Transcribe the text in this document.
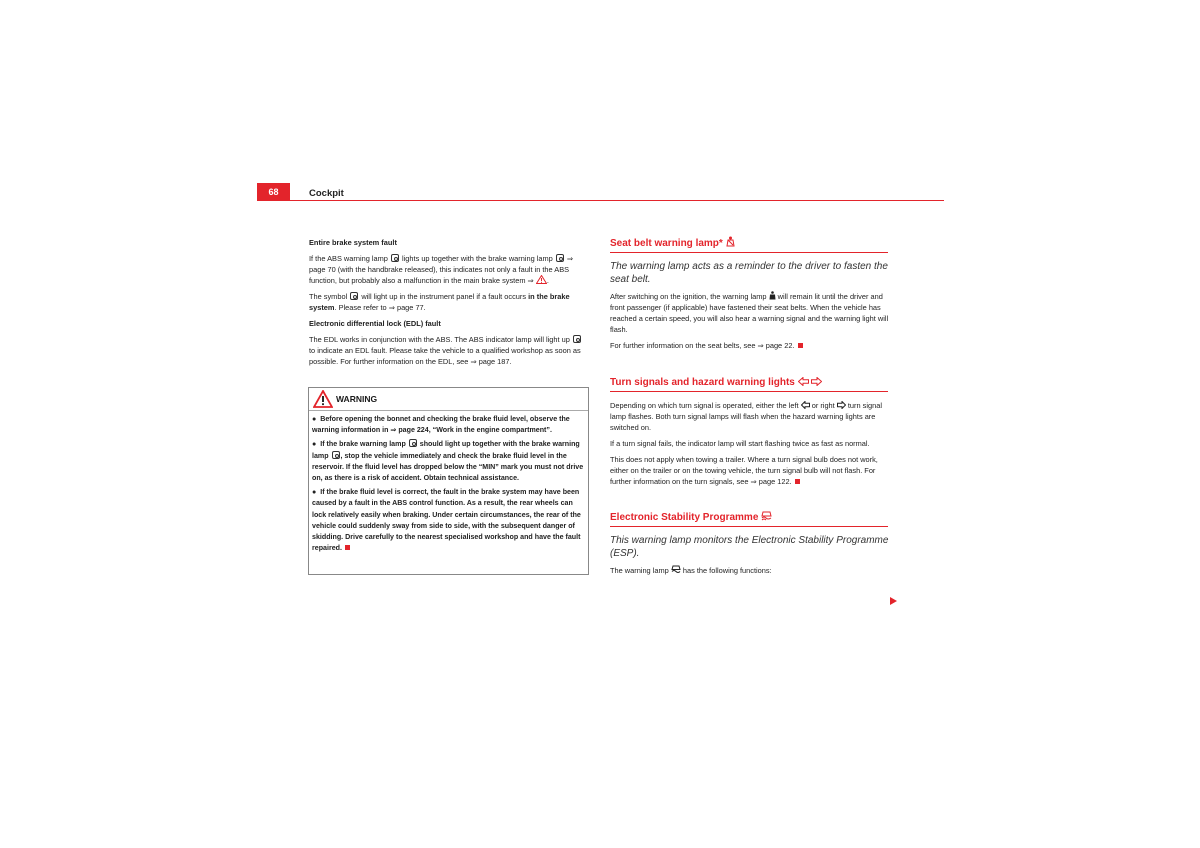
68	Cockpit

Entire brake system fault

If the ABS warning lamp lights up together with the brake warning lamp ⇒ page 70 (with the handbrake released), this indicates not only a fault in the ABS function, but probably also a malfunction in the main brake system ⇒ .

The symbol will light up in the instrument panel if a fault occurs in the brake system. Please refer to ⇒ page 77.

Electronic differential lock (EDL) fault

The EDL works in conjunction with the ABS. The ABS indicator lamp will light up  to indicate an EDL fault. Please take the vehicle to a qualified workshop as soon as possible. For further information on the EDL, see ⇒ page 187.

WARNING

●  Before opening the bonnet and checking the brake fluid level, observe the warning information in ⇒ page 224, “Work in the engine compartment”.

●  If the brake warning lamp should light up together with the brake warning lamp , stop the vehicle immediately and check the brake fluid level in the reservoir. If the fluid level has dropped below the “MIN” mark you must not drive on, as there is a risk of accident. Obtain technical assistance.

●  If the brake fluid level is correct, the fault in the brake system may have been caused by a fault in the ABS control function. As a result, the rear wheels can lock relatively easily when braking. Under certain circumstances, the rear of the vehicle could suddenly sway from side to side, with the subsequent danger of skidding. Drive carefully to the nearest specialised workshop and have the fault repaired.

Seat belt warning lamp*

The warning lamp acts as a reminder to the driver to fasten the seat belt.

After switching on the ignition, the warning lamp will remain lit until the driver and front passenger (if applicable) have fastened their seat belts. When the vehicle has reached a certain speed, you will also hear a warning signal and the warning light will flash.

For further information on the seat belts, see ⇒ page 22.

Turn signals and hazard warning lights

Depending on which turn signal is operated, either the left or right turn signal lamp flashes. Both turn signal lamps will flash when the hazard warning lights are switched on.

If a turn signal fails, the indicator lamp will start flashing twice as fast as normal.

This does not apply when towing a trailer. Where a turn signal bulb does not work, either on the trailer or on the towing vehicle, the turn signal bulb will not flash. For further information on the turn signals, see ⇒ page 122.

Electronic Stability Programme

This warning lamp monitors the Electronic Stability Programme (ESP).

The warning lamp has the following functions:
